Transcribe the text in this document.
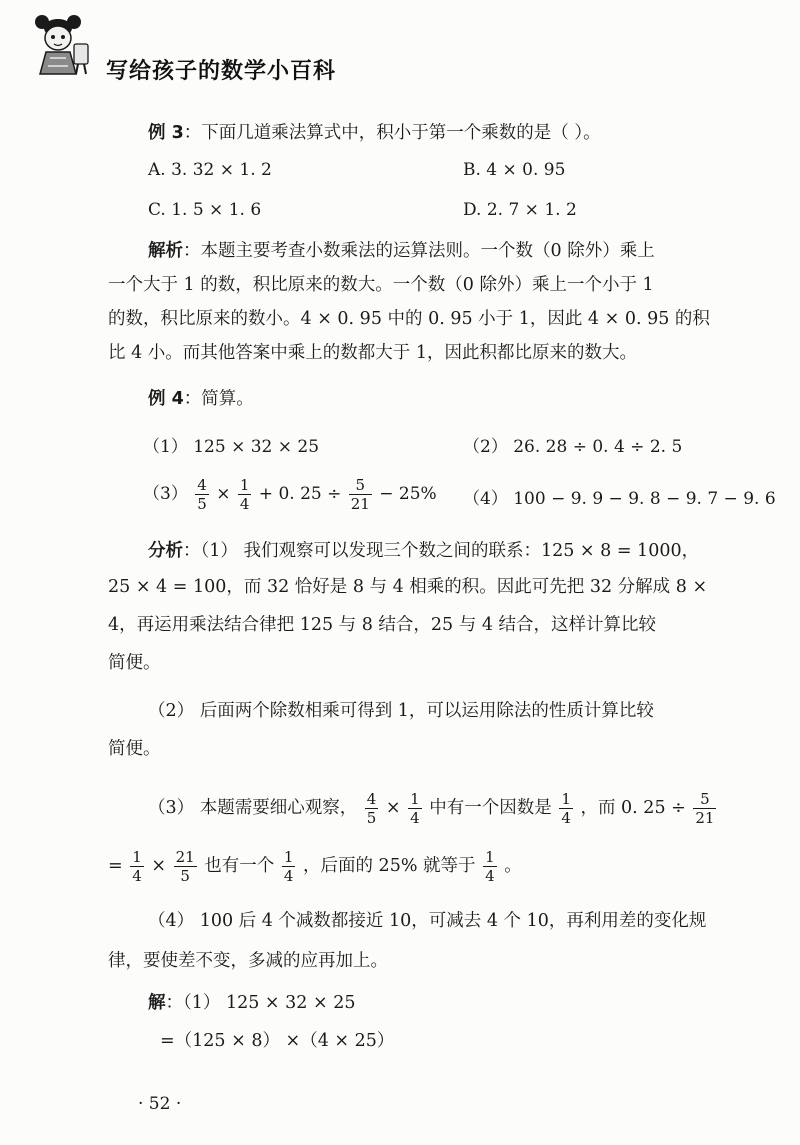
写给孩子的数学小百科

例 3：下面几道乘法算式中，积小于第一个乘数的是（ ）。

A. 3. 32 × 1. 2	B. 4 × 0. 95

C. 1. 5 × 1. 6	D. 2. 7 × 1. 2

解析：本题主要考查小数乘法的运算法则。一个数（0 除外）乘上

一个大于 1 的数，积比原来的数大。一个数（0 除外）乘上一个小于 1

的数，积比原来的数小。4 × 0. 95 中的 0. 95 小于 1，因此 4 × 0. 95 的积

比 4 小。而其他答案中乘上的数都大于 1，因此积都比原来的数大。

例 4：简算。

（1） 125 × 32 × 25	（2） 26. 28 ÷ 0. 4 ÷ 2. 5

$(3) \frac{4}{5} \times \frac{1}{4} + 0$. $25 \div \frac{5}{21} - 25\%$ （4） 100 − 9. 9 − 9. 8 − 9. 7 − 9. 6

分析：（1） 我们观察可以发现三个数之间的联系：125 × 8 = 1000，

25 × 4 = 100，而 32 恰好是 8 与 4 相乘的积。因此可先把 32 分解成 8 ×

4，再运用乘法结合律把 125 与 8 结合，25 与 4 结合，这样计算比较

简便。

（2） 后面两个除数相乘可得到 1，可以运用除法的性质计算比较

简便。

（3） 本题需要细心观察， $\frac{4}{5} \times \frac{1}{4}$ 中有一个因数是 $\frac{1}{4}$ ，而 0. $25 \div \frac{5}{21}$
= $\frac{1}{4} \times \frac{21}{5}$ 也有一个 $\frac{1}{4}$ ，后面的 25% 就等于 $\frac{1}{4}$ 。

（4） 100 后 4 个减数都接近 10，可减去 4 个 10，再利用差的变化规

律，要使差不变，多减的应再加上。

解：（1） 125 × 32 × 25

=（125 × 8） ×（4 × 25）

· 52 ·
